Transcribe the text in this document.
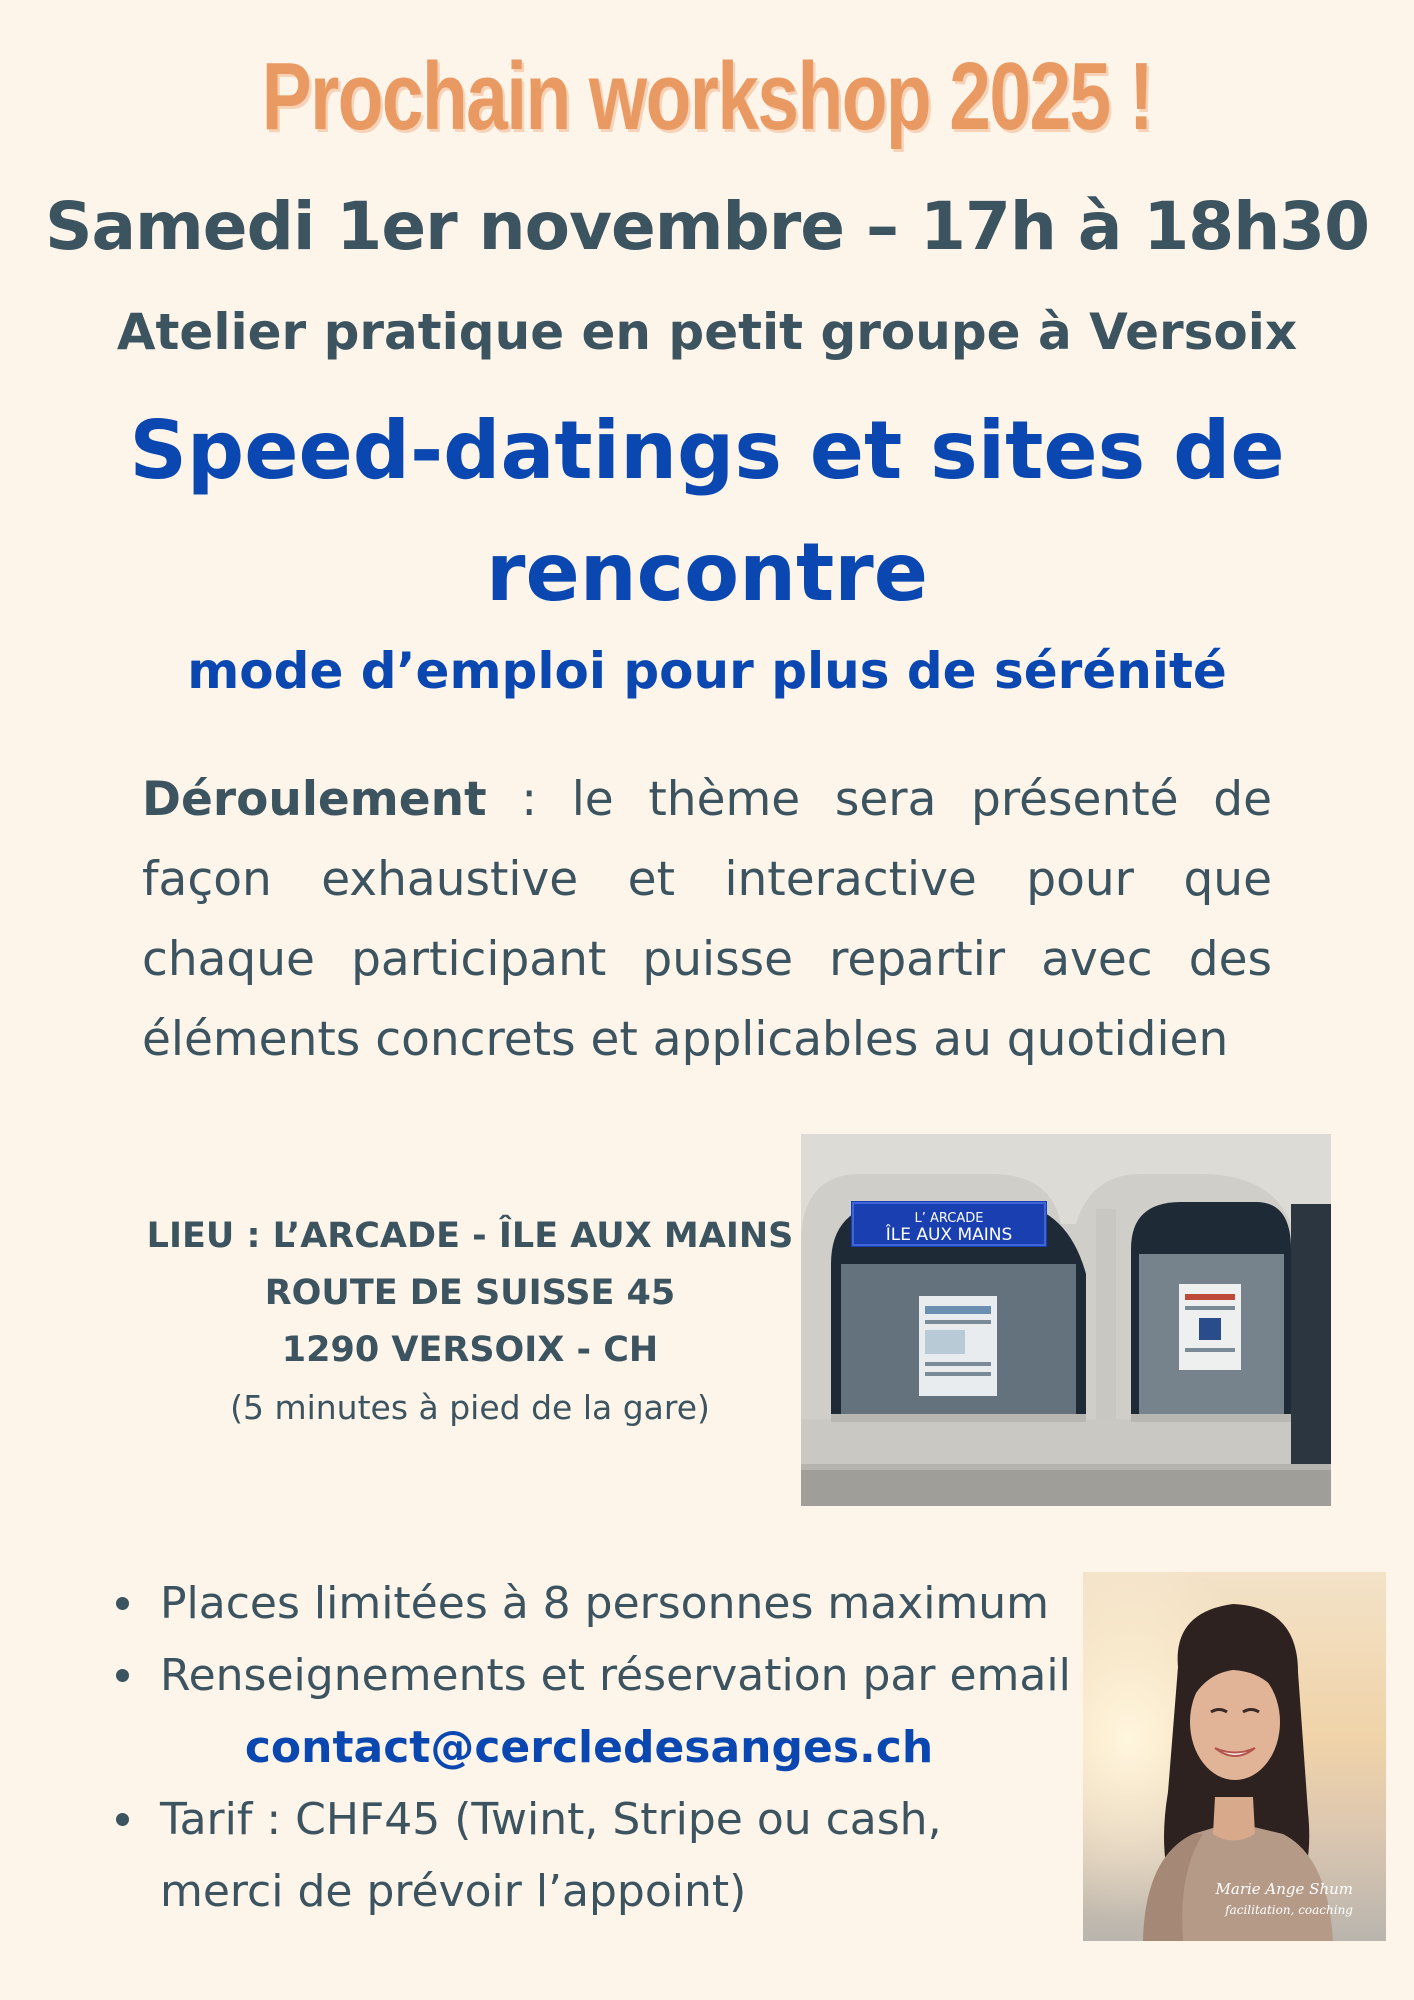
Prochain workshop 2025 !
Samedi 1er novembre – 17h à 18h30
Atelier pratique en petit groupe à Versoix
Speed-datings et sites de
rencontre
mode d’emploi pour plus de sérénité
Déroulement : le thème sera présenté de façon exhaustive et interactive pour que chaque participant puisse repartir avec des éléments concrets et applicables au quotidien
LIEU : L’ARCADE - ÎLE AUX MAINS
ROUTE DE SUISSE 45
1290 VERSOIX - CH
(5 minutes à pied de la gare)
L’ ARCADE
ÎLE AUX MAINS
Places limitées à 8 personnes maximum
Renseignements et réservation par email
contact@cercledesanges.ch
Tarif : CHF45 (Twint, Stripe ou cash,
merci de prévoir l’appoint)	Marie Ange Shum
facilitation, coaching
